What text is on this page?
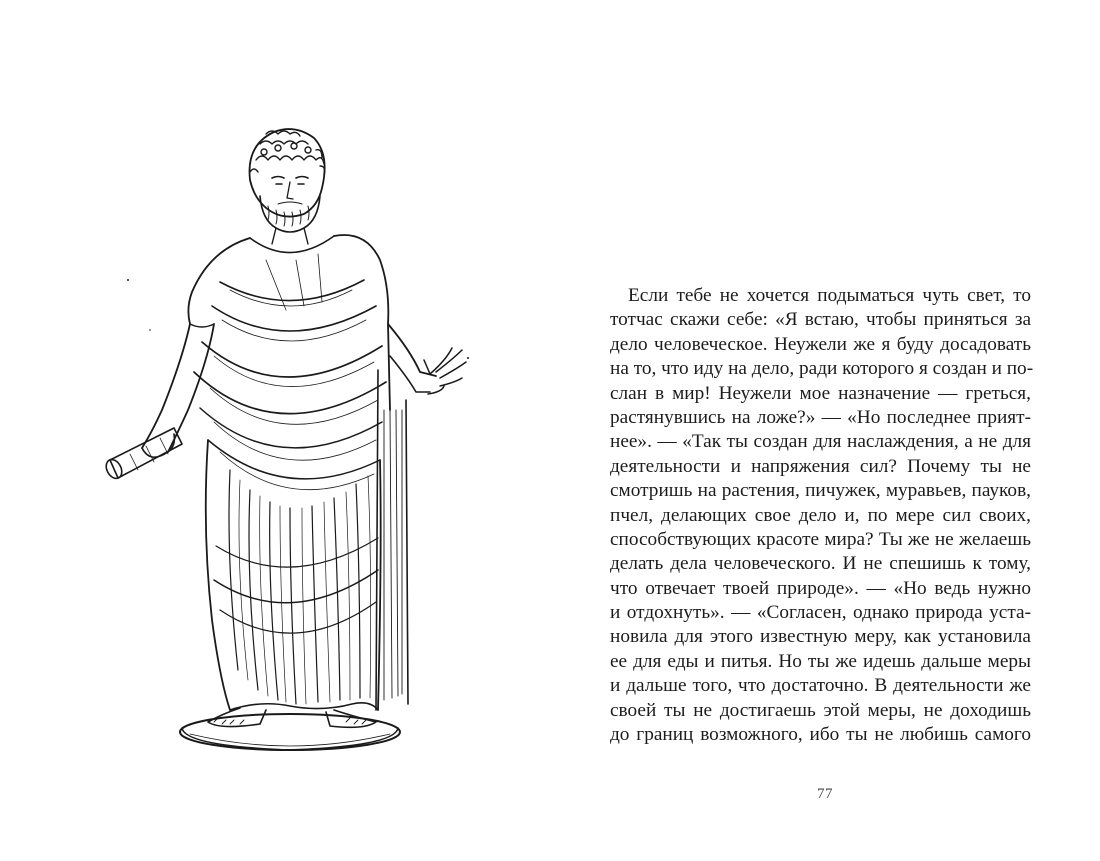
Если тебе не хочется подыматься чуть свет, то
тотчас скажи себе: «Я встаю, чтобы приняться за
дело человеческое. Неужели же я буду досадовать
на то, что иду на дело, ради которого я создан и по-
слан в мир! Неужели мое назначение — греться,
растянувшись на ложе?» — «Но последнее прият-
нее». — «Так ты создан для наслаждения, а не для
деятельности и напряжения сил? Почему ты не
смотришь на растения, пичужек, муравьев, пауков,
пчел, делающих свое дело и, по мере сил своих,
способствующих красоте мира? Ты же не желаешь
делать дела человеческого. И не спешишь к тому,
что отвечает твоей природе». — «Но ведь нужно
и отдохнуть». — «Согласен, однако природа уста-
новила для этого известную меру, как установила
ее для еды и питья. Но ты же идешь дальше меры
и дальше того, что достаточно. В деятельности же
своей ты не достигаешь этой меры, не доходишь
до границ возможного, ибо ты не любишь самого
77
